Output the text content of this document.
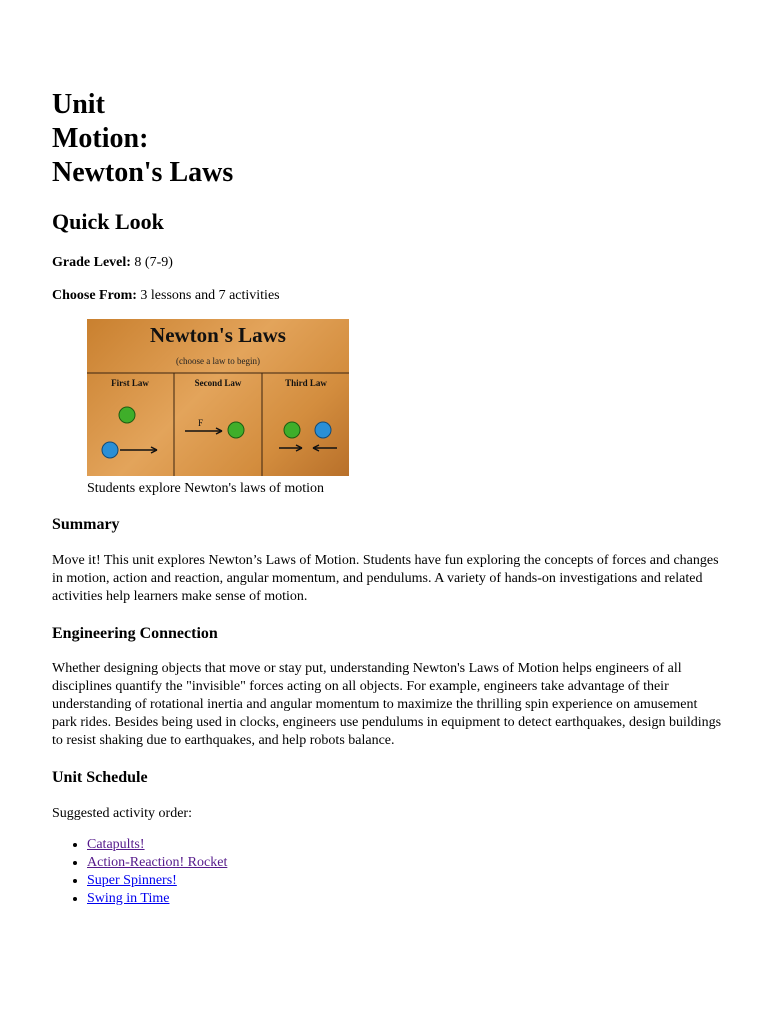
Unit
Motion:
Newton's Laws
Quick Look

Grade Level: 8 (7-9)

Choose From: 3 lessons and 7 activities

Newton's Laws
(choose a law to begin)
First Law	Second Law	Third Law
F
Students explore Newton's laws of motion
Summary

Move it! This unit explores Newton’s Laws of Motion. Students have fun exploring the concepts of forces and changes in motion, action and reaction, angular momentum, and pendulums. A variety of hands-on investigations and related activities help learners make sense of motion.

Engineering Connection

Whether designing objects that move or stay put, understanding Newton's Laws of Motion helps engineers of all disciplines quantify the "invisible" forces acting on all objects. For example, engineers take advantage of their understanding of rotational inertia and angular momentum to maximize the thrilling spin experience on amusement park rides. Besides being used in clocks, engineers use pendulums in equipment to detect earthquakes, design buildings to resist shaking due to earthquakes, and help robots balance.

Unit Schedule

Suggested activity order:

• Catapults!
• Action-Reaction! Rocket
• Super Spinners!
• Swing in Time
